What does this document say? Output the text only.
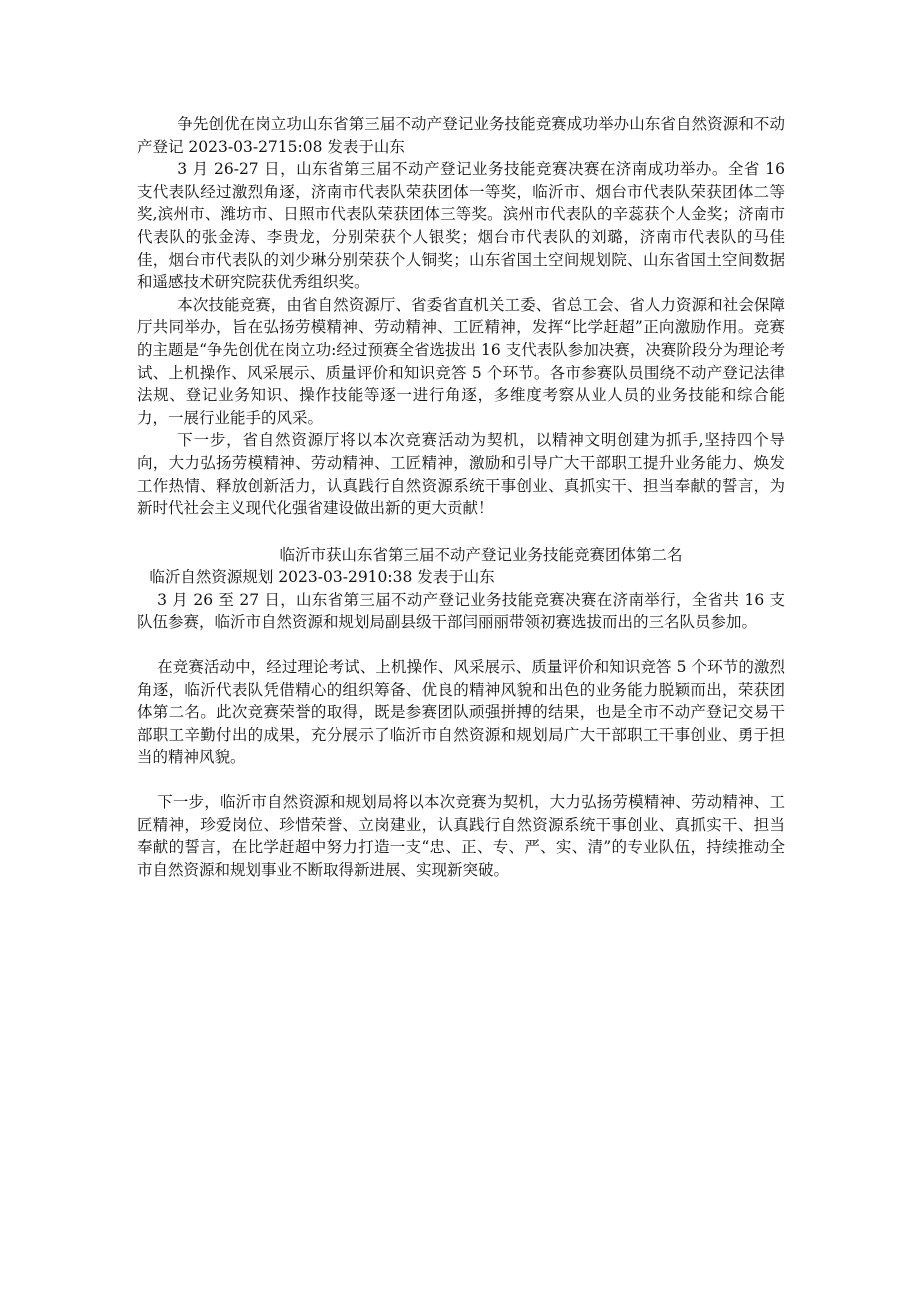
争先创优在岗立功山东省第三届不动产登记业务技能竞赛成功举办山东省自然资源和不动产登记 2023-03-2715:08 发表于山东

3 月 26-27 日，山东省第三届不动产登记业务技能竞赛决赛在济南成功举办。全省 16 支代表队经过激烈角逐，济南市代表队荣获团体一等奖，临沂市、烟台市代表队荣获团体二等奖,滨州市、潍坊市、日照市代表队荣获团体三等奖。滨州市代表队的辛蕊获个人金奖；济南市代表队的张金涛、李贵龙，分别荣获个人银奖；烟台市代表队的刘璐，济南市代表队的马佳佳，烟台市代表队的刘少琳分别荣获个人铜奖；山东省国土空间规划院、山东省国土空间数据和遥感技术研究院获优秀组织奖。

本次技能竞赛，由省自然资源厅、省委省直机关工委、省总工会、省人力资源和社会保障厅共同举办，旨在弘扬劳模精神、劳动精神、工匠精神，发挥“比学赶超”正向激励作用。竞赛的主题是“争先创优在岗立功:经过预赛全省选拔出 16 支代表队参加决赛，决赛阶段分为理论考试、上机操作、风采展示、质量评价和知识竞答 5 个环节。各市参赛队员围绕不动产登记法律法规、登记业务知识、操作技能等逐一进行角逐，多维度考察从业人员的业务技能和综合能力，一展行业能手的风采。

下一步，省自然资源厅将以本次竞赛活动为契机，以精神文明创建为抓手,坚持四个导向，大力弘扬劳模精神、劳动精神、工匠精神，激励和引导广大干部职工提升业务能力、焕发工作热情、释放创新活力，认真践行自然资源系统干事创业、真抓实干、担当奉献的誓言，为新时代社会主义现代化强省建设做出新的更大贡献！

临沂市获山东省第三届不动产登记业务技能竞赛团体第二名

临沂自然资源规划 2023-03-2910:38 发表于山东

3 月 26 至 27 日，山东省第三届不动产登记业务技能竞赛决赛在济南举行，全省共 16 支队伍参赛，临沂市自然资源和规划局副县级干部闫丽丽带领初赛选拔而出的三名队员参加。

在竞赛活动中，经过理论考试、上机操作、风采展示、质量评价和知识竞答 5 个环节的激烈角逐，临沂代表队凭借精心的组织筹备、优良的精神风貌和出色的业务能力脱颖而出，荣获团体第二名。此次竞赛荣誉的取得，既是参赛团队顽强拼搏的结果，也是全市不动产登记交易干部职工辛勤付出的成果，充分展示了临沂市自然资源和规划局广大干部职工干事创业、勇于担当的精神风貌。

下一步，临沂市自然资源和规划局将以本次竞赛为契机，大力弘扬劳模精神、劳动精神、工匠精神，珍爱岗位、珍惜荣誉、立岗建业，认真践行自然资源系统干事创业、真抓实干、担当奉献的誓言，在比学赶超中努力打造一支“忠、正、专、严、实、清”的专业队伍，持续推动全市自然资源和规划事业不断取得新进展、实现新突破。
